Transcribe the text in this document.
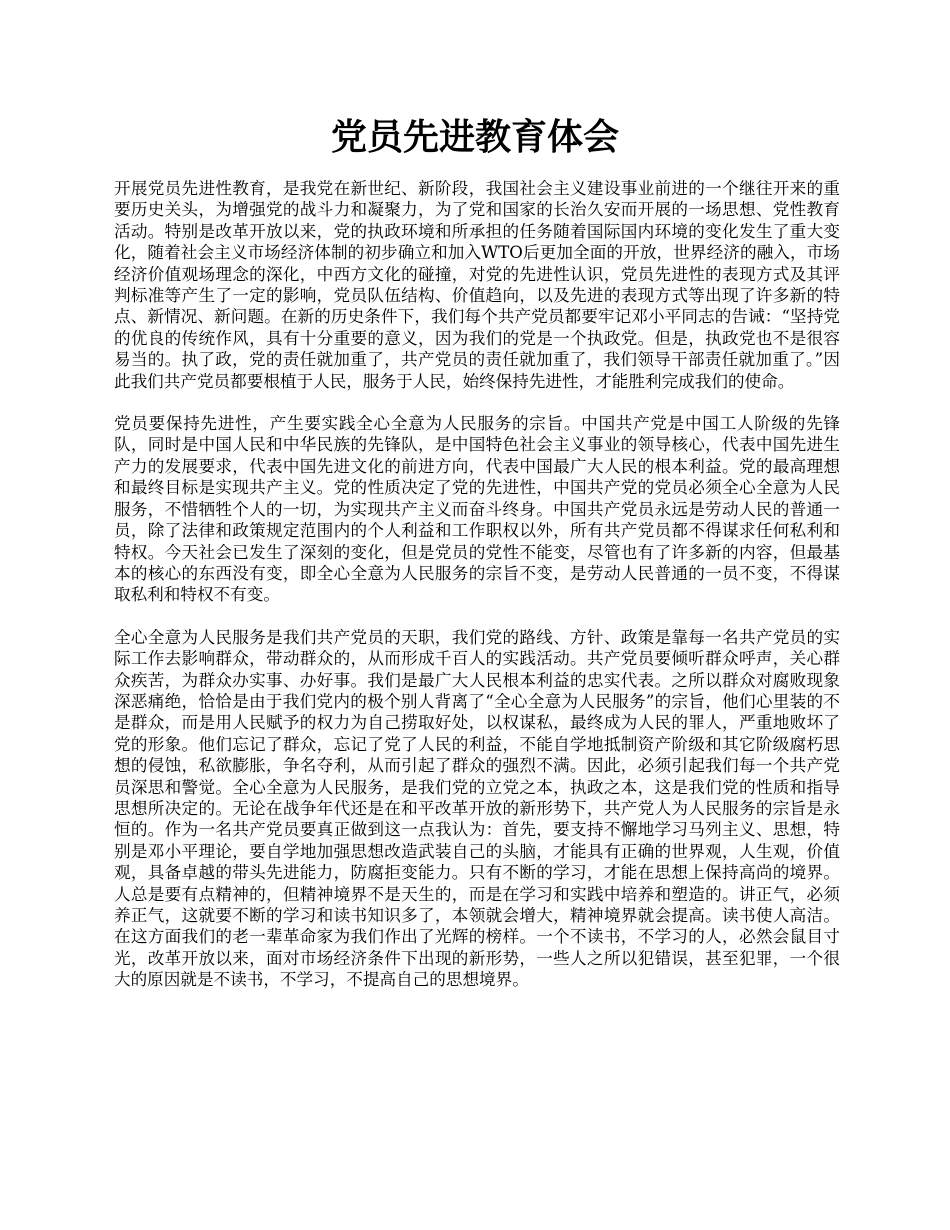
党员先进教育体会

开展党员先进性教育，是我党在新世纪、新阶段，我国社会主义建设事业前进的一个继往开来的重要历史关头，为增强党的战斗力和凝聚力，为了党和国家的长治久安而开展的一场思想、党性教育活动。特别是改革开放以来，党的执政环境和所承担的任务随着国际国内环境的变化发生了重大变化，随着社会主义市场经济体制的初步确立和加入WTO后更加全面的开放，世界经济的融入，市场经济价值观场理念的深化，中西方文化的碰撞，对党的先进性认识，党员先进性的表现方式及其评判标准等产生了一定的影响，党员队伍结构、价值趋向，以及先进的表现方式等出现了许多新的特点、新情况、新问题。在新的历史条件下，我们每个共产党员都要牢记邓小平同志的告诫：“坚持党的优良的传统作风，具有十分重要的意义，因为我们的党是一个执政党。但是，执政党也不是很容易当的。执了政，党的责任就加重了，共产党员的责任就加重了，我们领导干部责任就加重了。”因此我们共产党员都要根植于人民，服务于人民，始终保持先进性，才能胜利完成我们的使命。

党员要保持先进性，产生要实践全心全意为人民服务的宗旨。中国共产党是中国工人阶级的先锋队，同时是中国人民和中华民族的先锋队，是中国特色社会主义事业的领导核心，代表中国先进生产力的发展要求，代表中国先进文化的前进方向，代表中国最广大人民的根本利益。党的最高理想和最终目标是实现共产主义。党的性质决定了党的先进性，中国共产党的党员必须全心全意为人民服务，不惜牺牲个人的一切，为实现共产主义而奋斗终身。中国共产党员永远是劳动人民的普通一员，除了法律和政策规定范围内的个人利益和工作职权以外，所有共产党员都不得谋求任何私利和特权。今天社会已发生了深刻的变化，但是党员的党性不能变，尽管也有了许多新的内容，但最基本的核心的东西没有变，即全心全意为人民服务的宗旨不变，是劳动人民普通的一员不变，不得谋取私利和特权不有变。

全心全意为人民服务是我们共产党员的天职，我们党的路线、方针、政策是靠每一名共产党员的实际工作去影响群众，带动群众的，从而形成千百人的实践活动。共产党员要倾听群众呼声，关心群众疾苦，为群众办实事、办好事。我们是最广大人民根本利益的忠实代表。之所以群众对腐败现象深恶痛绝，恰恰是由于我们党内的极个别人背离了“全心全意为人民服务”的宗旨，他们心里装的不是群众，而是用人民赋予的权力为自己捞取好处，以权谋私，最终成为人民的罪人，严重地败坏了党的形象。他们忘记了群众，忘记了党了人民的利益，不能自学地抵制资产阶级和其它阶级腐朽思想的侵蚀，私欲膨胀，争名夺利，从而引起了群众的强烈不满。因此，必须引起我们每一个共产党员深思和警觉。全心全意为人民服务，是我们党的立党之本，执政之本，这是我们党的性质和指导思想所决定的。无论在战争年代还是在和平改革开放的新形势下，共产党人为人民服务的宗旨是永恒的。作为一名共产党员要真正做到这一点我认为：首先，要支持不懈地学习马列主义、思想，特别是邓小平理论，要自学地加强思想改造武装自己的头脑，才能具有正确的世界观，人生观，价值观，具备卓越的带头先进能力，防腐拒变能力。只有不断的学习，才能在思想上保持高尚的境界。人总是要有点精神的，但精神境界不是天生的，而是在学习和实践中培养和塑造的。讲正气，必须养正气，这就要不断的学习和读书知识多了，本领就会增大，精神境界就会提高。读书使人高洁。在这方面我们的老一辈革命家为我们作出了光辉的榜样。一个不读书，不学习的人，必然会鼠目寸光，改革开放以来，面对市场经济条件下出现的新形势，一些人之所以犯错误，甚至犯罪，一个很大的原因就是不读书，不学习，不提高自己的思想境界。
